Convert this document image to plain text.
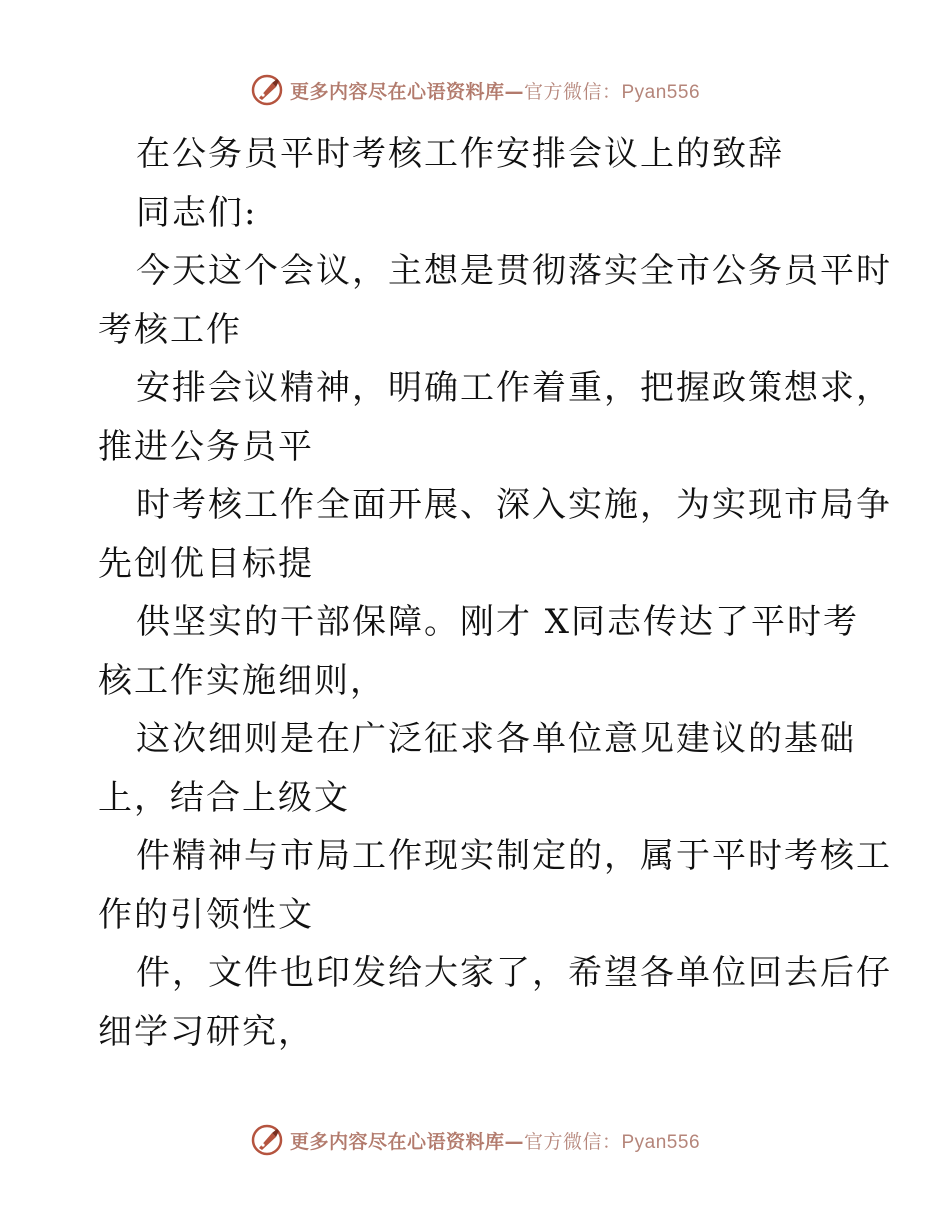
更多内容尽在心语资料库—官方微信：Pyan556
在公务员平时考核工作安排会议上的致辞
同志们:
今天这个会议，主想是贯彻落实全市公务员平时
考核工作
安排会议精神，明确工作着重，把握政策想求，
推进公务员平
时考核工作全面开展、深入实施，为实现市局争
先创优目标提
供坚实的干部保障。刚才 X同志传达了平时考
核工作实施细则，
这次细则是在广泛征求各单位意见建议的基础
上，结合上级文
件精神与市局工作现实制定的，属于平时考核工
作的引领性文
件，文件也印发给大家了，希望各单位回去后仔
细学习研究，
更多内容尽在心语资料库—官方微信：Pyan556
